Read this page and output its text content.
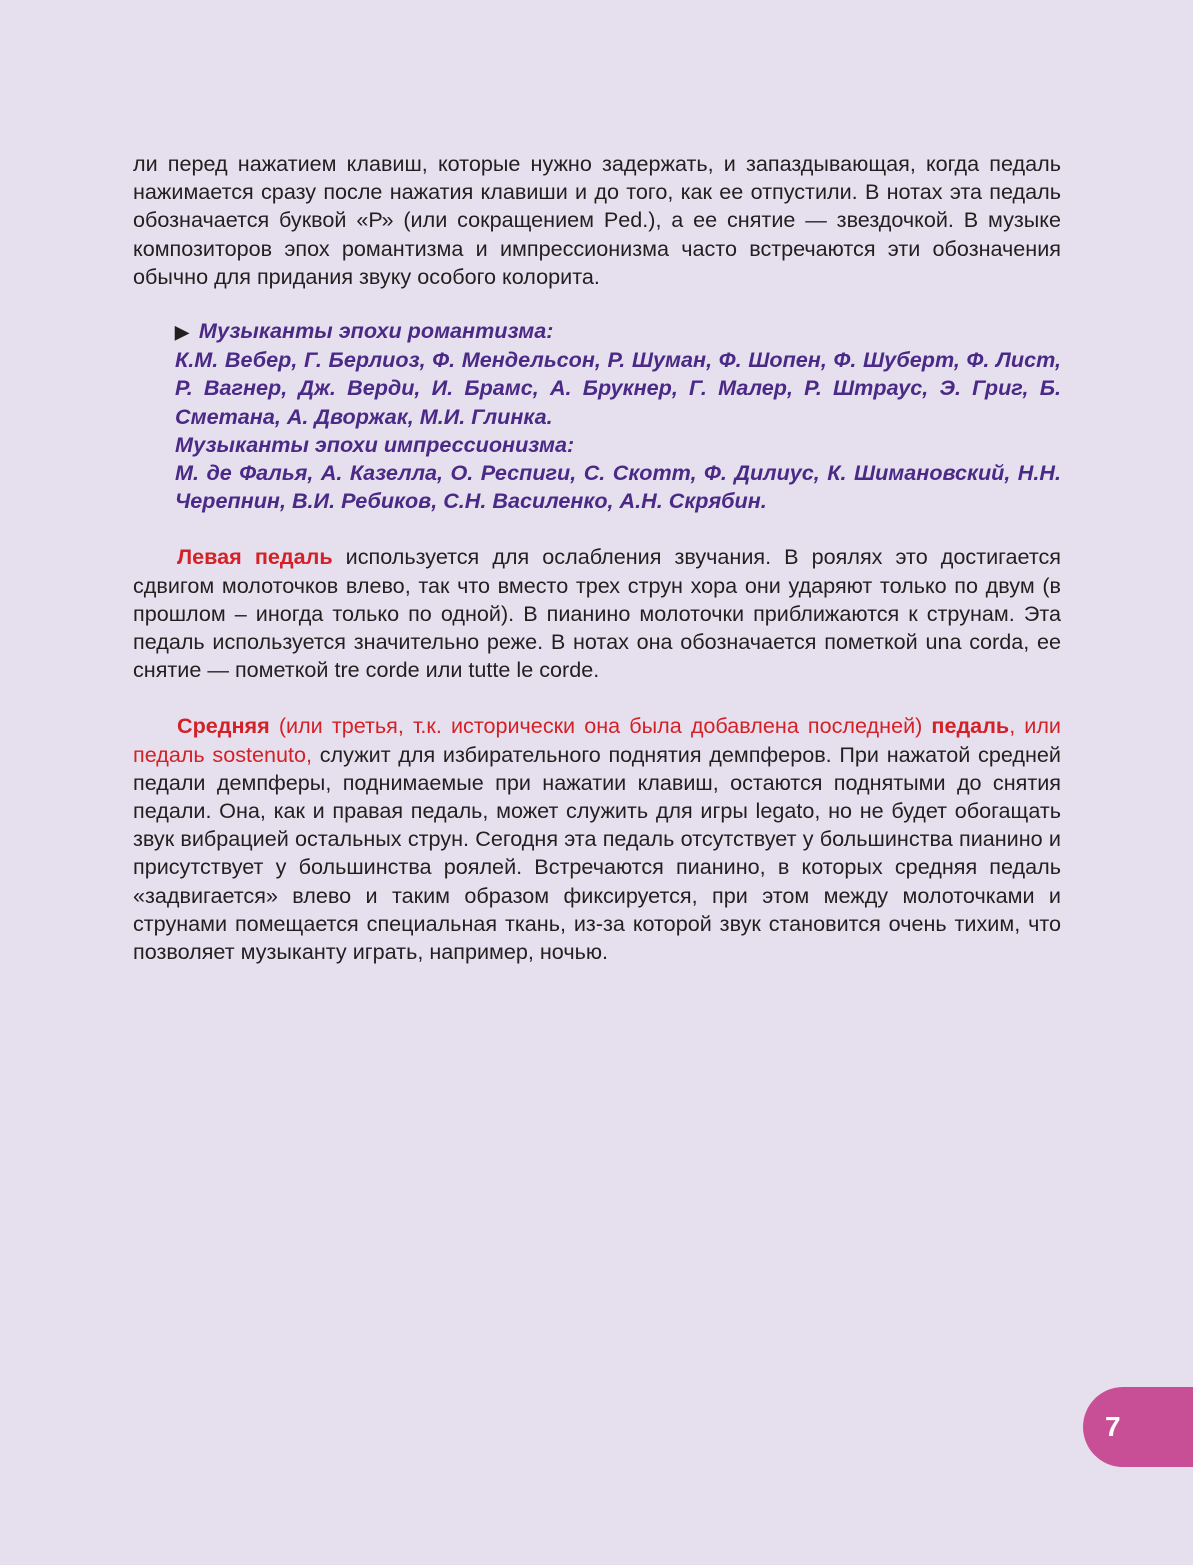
ли перед нажатием клавиш, которые нужно задержать, и запаздывающая, когда педаль нажимается сразу после нажатия клавиши и до того, как ее отпустили. В нотах эта педаль обозначается буквой «Р» (или сокращением Ped.), а ее снятие — звездочкой. В музыке композиторов эпох романтизма и импрессионизма часто встречаются эти обозначения обычно для придания звуку особого колорита.

▶ Музыканты эпохи романтизма:
К.М. Вебер, Г. Берлиоз, Ф. Мендельсон, Р. Шуман, Ф. Шопен, Ф. Шуберт, Ф. Лист, Р. Вагнер, Дж. Верди, И. Брамс, А. Брукнер, Г. Малер, Р. Штраус, Э. Григ, Б. Сметана, А. Дворжак, М.И. Глинка.
Музыканты эпохи импрессионизма:
М. де Фалья, А. Казелла, О. Респиги, С. Скотт, Ф. Дилиус, К. Шимановский, Н.Н. Черепнин, В.И. Ребиков, С.Н. Василенко, А.Н. Скрябин.

Левая педаль используется для ослабления звучания. В роялях это достигается сдвигом молоточков влево, так что вместо трех струн хора они ударяют только по двум (в прошлом – иногда только по одной). В пианино молоточки приближаются к струнам. Эта педаль используется значительно реже. В нотах она обозначается пометкой una corda, ее снятие — пометкой tre corde или tutte le corde.

Средняя (или третья, т.к. исторически она была добавлена последней) педаль, или педаль sostenuto, служит для избирательного поднятия демпферов. При нажатой средней педали демпферы, поднимаемые при нажатии клавиш, остаются поднятыми до снятия педали. Она, как и правая педаль, может служить для игры legato, но не будет обогащать звук вибрацией остальных струн. Сегодня эта педаль отсутствует у большинства пианино и присутствует у большинства роялей. Встречаются пианино, в которых средняя педаль «задвигается» влево и таким образом фиксируется, при этом между молоточками и струнами помещается специальная ткань, из-за которой звук становится очень тихим, что позволяет музыканту играть, например, ночью.

7
